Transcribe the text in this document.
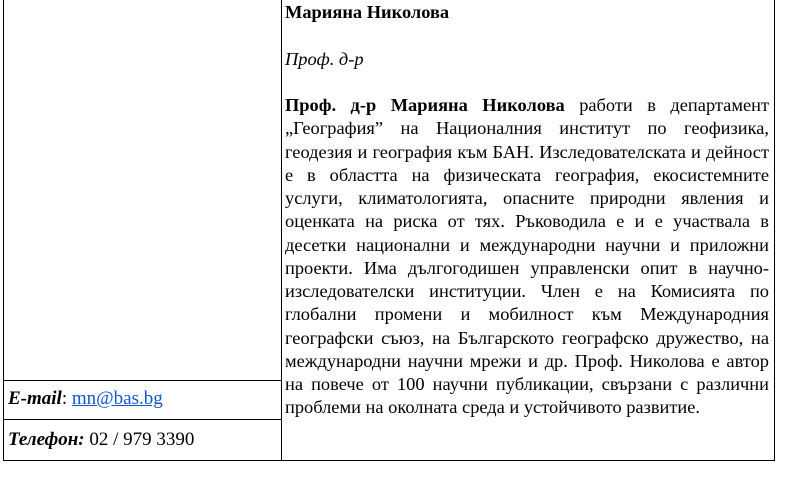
E-mail: mn@bas.bg
Телефон: 02 / 979 3390

Марияна Николова

Проф. д-р

Проф. д-р Марияна Николова работи в департамент „География” на Националния институт по геофизика, геодезия и география към БАН. Изследователската и дейност е в областта на физическата география, екосистемните услуги, климатологията, опасните природни явления и оценката на риска от тях. Ръководила е и е участвала в десетки национални и международни научни и приложни проекти. Има дългогодишен управленски опит в научно-изследователски институции. Член е на Комисията по глобални промени и мобилност към Международния географски съюз, на Българското географско дружество, на международни научни мрежи и др. Проф. Николова е автор на повече от 100 научни публикации, свързани с различни проблеми на околната среда и устойчивото развитие.
